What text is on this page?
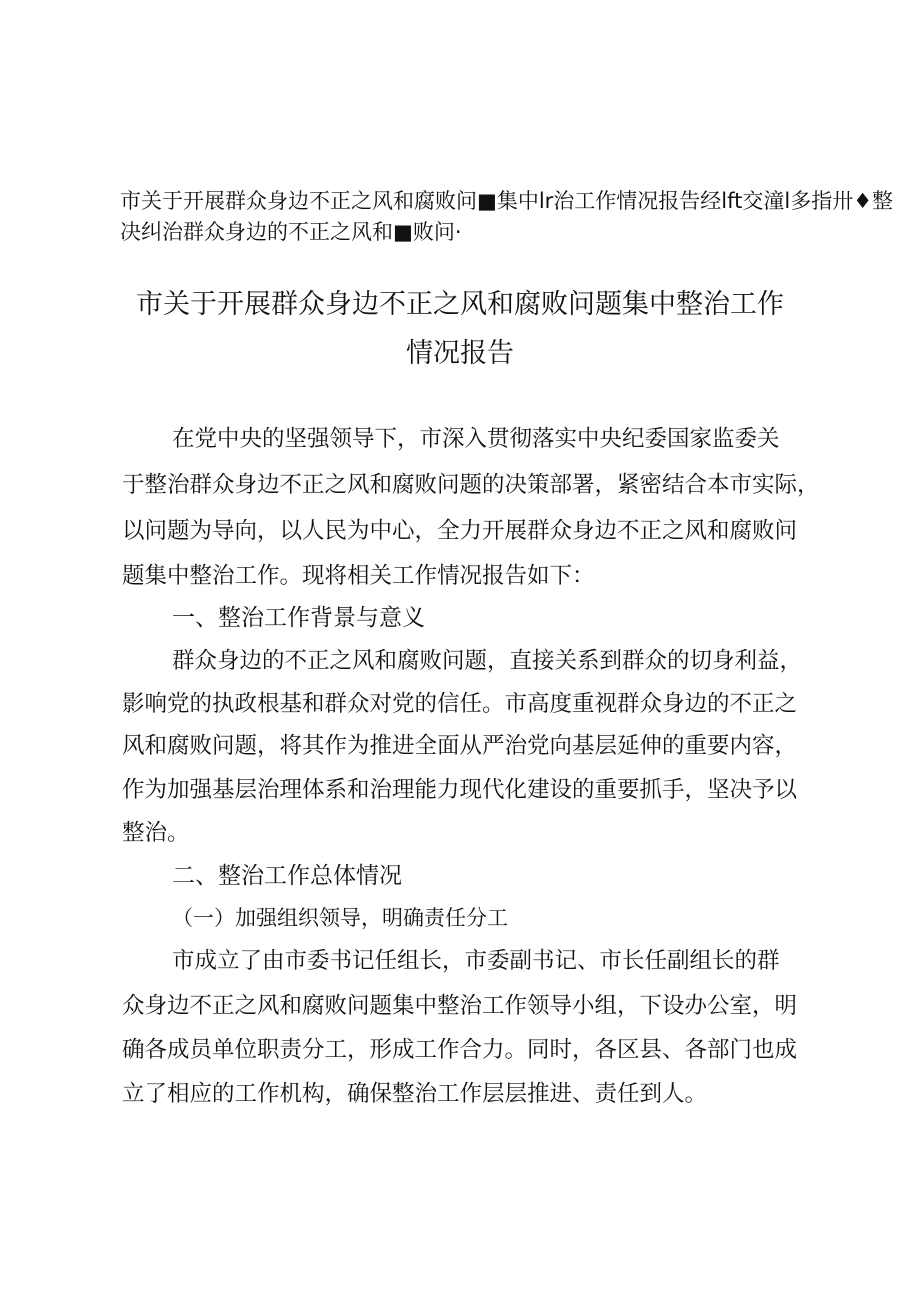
市关于开展群众身边不正之风和腐败问■集中lr治工作情况报告经lft交潼l多指卅♦整
决纠治群众身边的不正之风和■败问·
市关于开展群众身边不正之风和腐败问题集中整治工作
情况报告
在党中央的坚强领导下，市深入贯彻落实中央纪委国家监委关
于整治群众身边不正之风和腐败问题的决策部署，紧密结合本市实际，
以问题为导向，以人民为中心，全力开展群众身边不正之风和腐败问
题集中整治工作。现将相关工作情况报告如下：
一、整治工作背景与意义
群众身边的不正之风和腐败问题，直接关系到群众的切身利益，
影响党的执政根基和群众对党的信任。市高度重视群众身边的不正之
风和腐败问题，将其作为推进全面从严治党向基层延伸的重要内容，
作为加强基层治理体系和治理能力现代化建设的重要抓手，坚决予以
整治。
二、整治工作总体情况
（一）加强组织领导，明确责任分工
市成立了由市委书记任组长，市委副书记、市长任副组长的群
众身边不正之风和腐败问题集中整治工作领导小组，下设办公室，明
确各成员单位职责分工，形成工作合力。同时，各区县、各部门也成
立了相应的工作机构，确保整治工作层层推进、责任到人。
